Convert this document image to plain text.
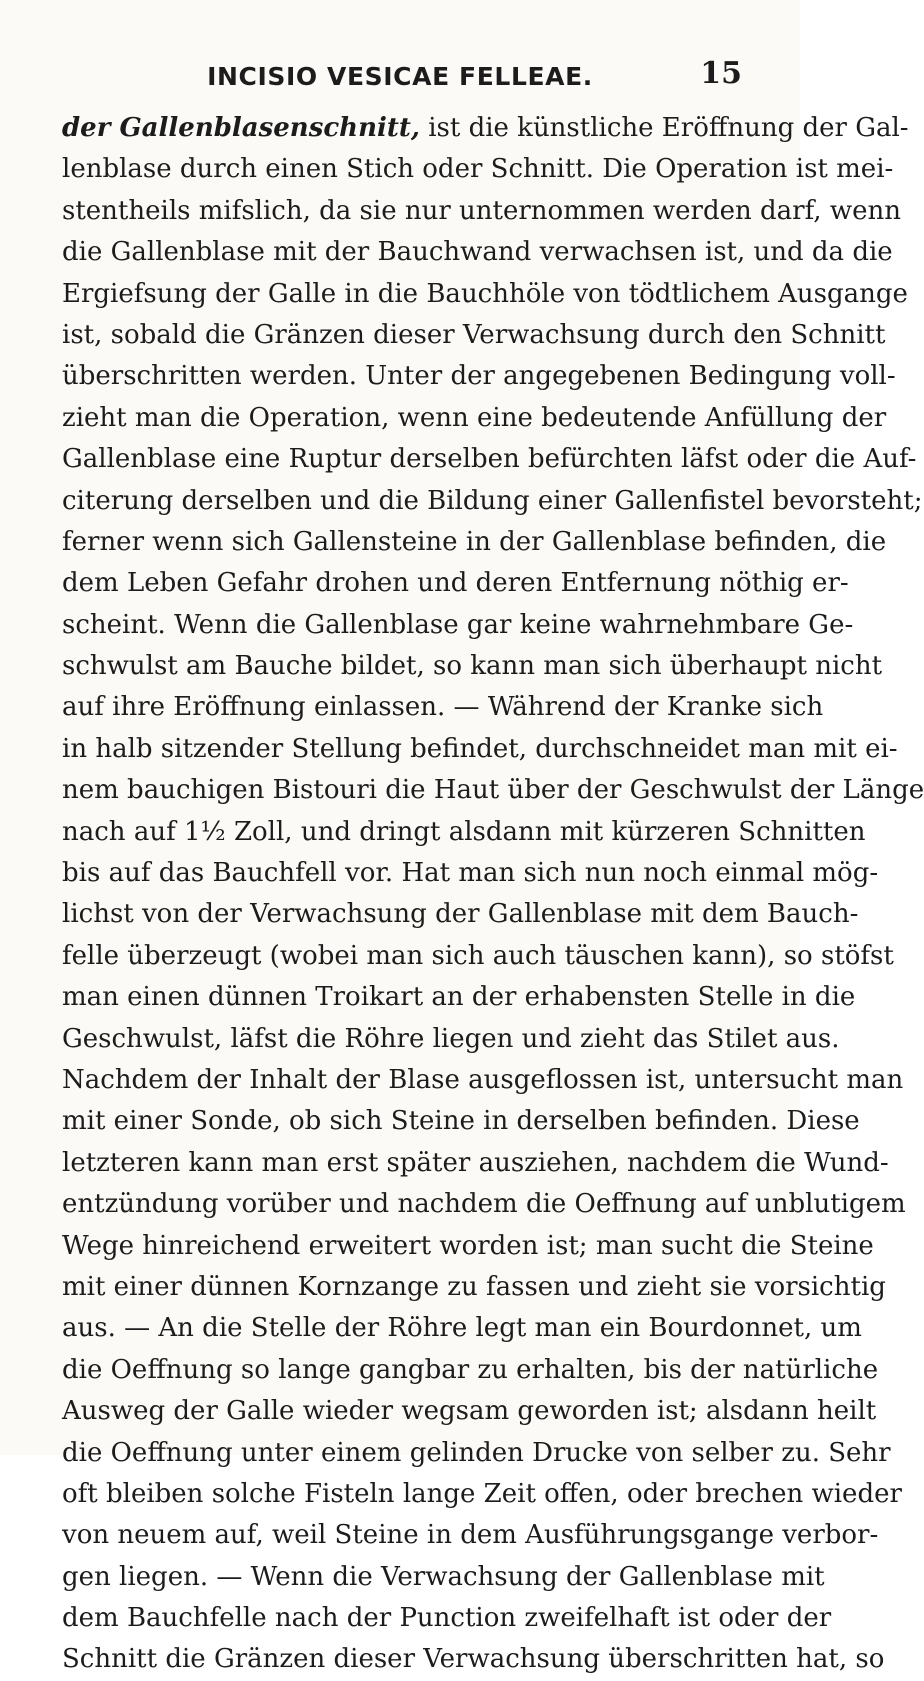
INCISIO VESICAE FELLEAE.	15
der Gallenblasenschnitt, ist die künstliche Eröffnung der Gal-
lenblase durch einen Stich oder Schnitt. Die Operation ist mei-
stentheils mifslich, da sie nur unternommen werden darf, wenn
die Gallenblase mit der Bauchwand verwachsen ist, und da die
Ergiefsung der Galle in die Bauchhöle von tödtlichem Ausgange
ist, sobald die Gränzen dieser Verwachsung durch den Schnitt
überschritten werden. Unter der angegebenen Bedingung voll-
zieht man die Operation, wenn eine bedeutende Anfüllung der
Gallenblase eine Ruptur derselben befürchten läfst oder die Auf-
citerung derselben und die Bildung einer Gallenfistel bevorsteht;
ferner wenn sich Gallensteine in der Gallenblase befinden, die
dem Leben Gefahr drohen und deren Entfernung nöthig er-
scheint. Wenn die Gallenblase gar keine wahrnehmbare Ge-
schwulst am Bauche bildet, so kann man sich überhaupt nicht
auf ihre Eröffnung einlassen. — Während der Kranke sich
in halb sitzender Stellung befindet, durchschneidet man mit ei-
nem bauchigen Bistouri die Haut über der Geschwulst der Länge
nach auf 1½ Zoll, und dringt alsdann mit kürzeren Schnitten
bis auf das Bauchfell vor. Hat man sich nun noch einmal mög-
lichst von der Verwachsung der Gallenblase mit dem Bauch-
felle überzeugt (wobei man sich auch täuschen kann), so stöfst
man einen dünnen Troikart an der erhabensten Stelle in die
Geschwulst, läfst die Röhre liegen und zieht das Stilet aus.
Nachdem der Inhalt der Blase ausgeflossen ist, untersucht man
mit einer Sonde, ob sich Steine in derselben befinden. Diese
letzteren kann man erst später ausziehen, nachdem die Wund-
entzündung vorüber und nachdem die Oeffnung auf unblutigem
Wege hinreichend erweitert worden ist; man sucht die Steine
mit einer dünnen Kornzange zu fassen und zieht sie vorsichtig
aus. — An die Stelle der Röhre legt man ein Bourdonnet, um
die Oeffnung so lange gangbar zu erhalten, bis der natürliche
Ausweg der Galle wieder wegsam geworden ist; alsdann heilt
die Oeffnung unter einem gelinden Drucke von selber zu. Sehr
oft bleiben solche Fisteln lange Zeit offen, oder brechen wieder
von neuem auf, weil Steine in dem Ausführungsgange verbor-
gen liegen. — Wenn die Verwachsung der Gallenblase mit
dem Bauchfelle nach der Punction zweifelhaft ist oder der
Schnitt die Gränzen dieser Verwachsung überschritten hat, so
